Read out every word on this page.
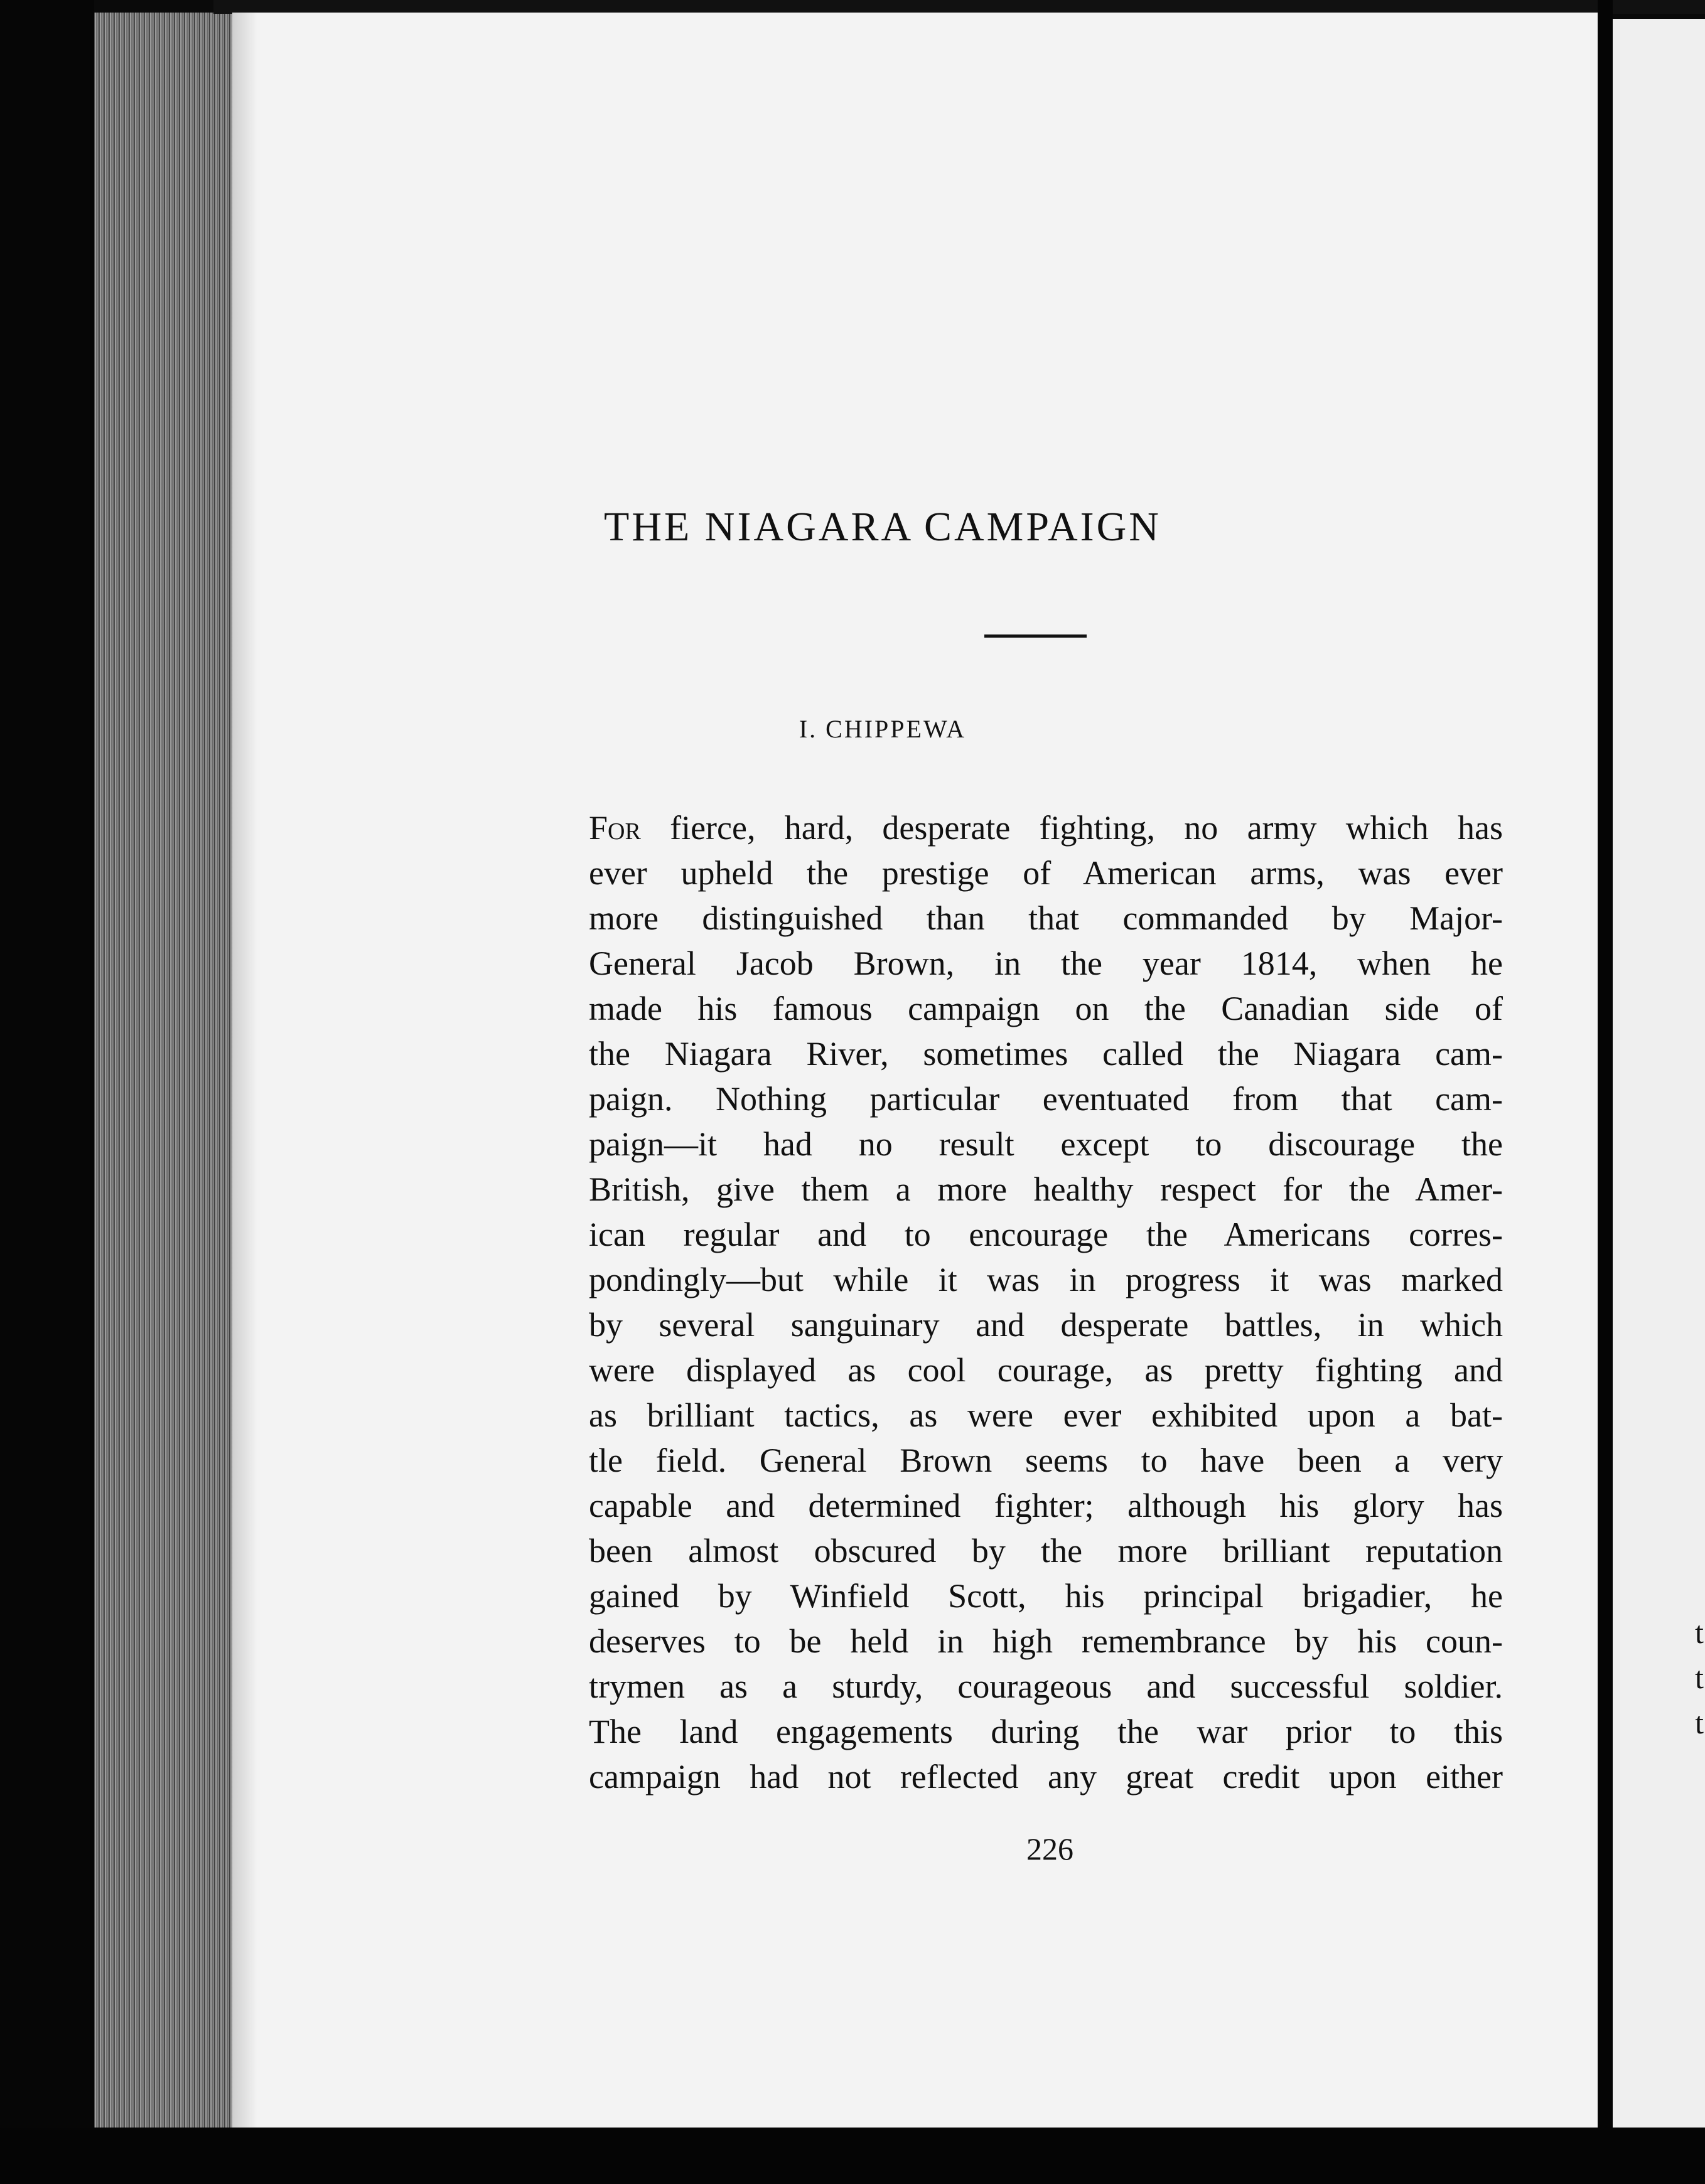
t
t
t
THE NIAGARA CAMPAIGN
I. CHIPPEWA
For fierce, hard, desperate fighting, no army which has
ever upheld the prestige of American arms, was ever
more distinguished than that commanded by Major-
General Jacob Brown, in the year 1814, when he
made his famous campaign on the Canadian side of
the Niagara River, sometimes called the Niagara cam-
paign. Nothing particular eventuated from that cam-
paign—it had no result except to discourage the
British, give them a more healthy respect for the Amer-
ican regular and to encourage the Americans corres-
pondingly—but while it was in progress it was marked
by several sanguinary and desperate battles, in which
were displayed as cool courage, as pretty fighting and
as brilliant tactics, as were ever exhibited upon a bat-
tle field. General Brown seems to have been a very
capable and determined fighter; although his glory has
been almost obscured by the more brilliant reputation
gained by Winfield Scott, his principal brigadier, he
deserves to be held in high remembrance by his coun-
trymen as a sturdy, courageous and successful soldier.
The land engagements during the war prior to this
campaign had not reflected any great credit upon either
226
